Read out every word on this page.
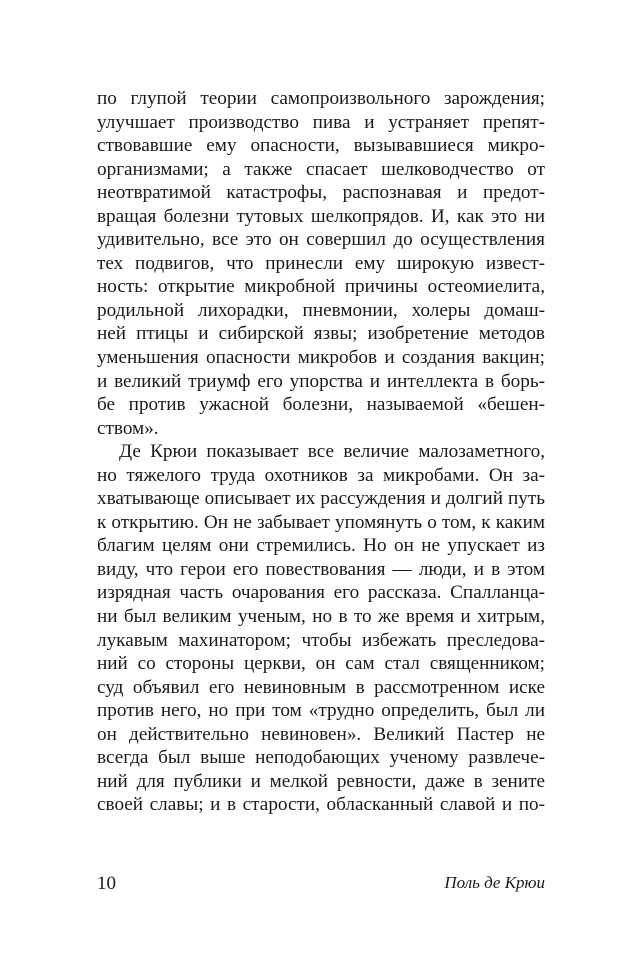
по глупой теории самопроизвольного зарождения;
улучшает производство пива и устраняет препят-
ствовавшие ему опасности, вызывавшиеся микро-
организмами; а также спасает шелководчество от
неотвратимой катастрофы, распознавая и предот-
вращая болезни тутовых шелкопрядов. И, как это ни
удивительно, все это он совершил до осуществления
тех подвигов, что принесли ему широкую извест-
ность: открытие микробной причины остеомиелита,
родильной лихорадки, пневмонии, холеры домаш-
ней птицы и сибирской язвы; изобретение методов
уменьшения опасности микробов и создания вакцин;
и великий триумф его упорства и интеллекта в борь-
бе против ужасной болезни, называемой «бешен-
ством».
Де Крюи показывает все величие малозаметного,
но тяжелого труда охотников за микробами. Он за-
хватывающе описывает их рассуждения и долгий путь
к открытию. Он не забывает упомянуть о том, к каким
благим целям они стремились. Но он не упускает из
виду, что герои его повествования — люди, и в этом
изрядная часть очарования его рассказа. Спалланца-
ни был великим ученым, но в то же время и хитрым,
лукавым махинатором; чтобы избежать преследова-
ний со стороны церкви, он сам стал священником;
суд объявил его невиновным в рассмотренном иске
против него, но при том «трудно определить, был ли
он действительно невиновен». Великий Пастер не
всегда был выше неподобающих ученому развлече-
ний для публики и мелкой ревности, даже в зените
своей славы; и в старости, обласканный славой и по-
10	Поль де Крюи
